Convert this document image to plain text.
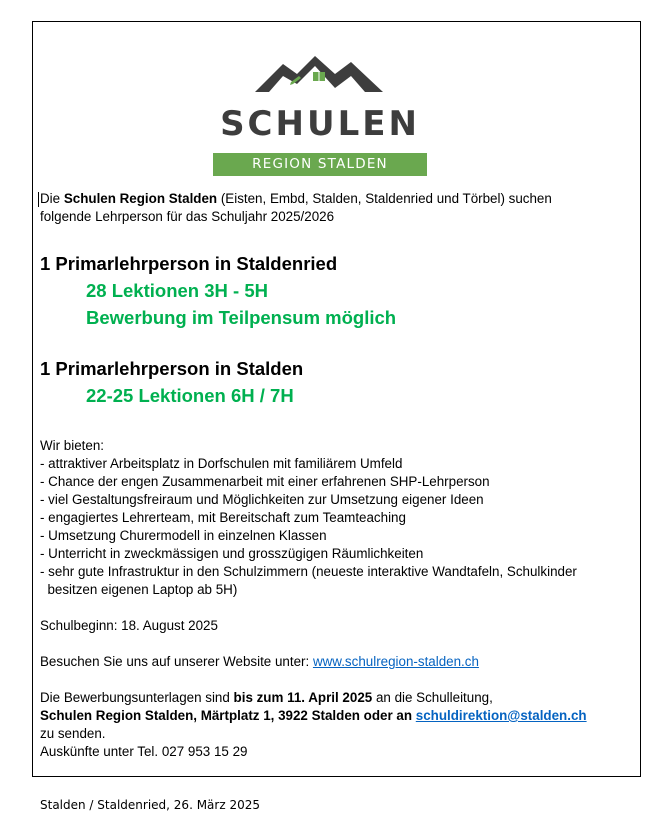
SCHULEN
REGION STALDEN

Die Schulen Region Stalden (Eisten, Embd, Stalden, Staldenried und Törbel) suchen
folgende Lehrperson für das Schuljahr 2025/2026

1 Primarlehrperson in Staldenried
28 Lektionen 3H - 5H
Bewerbung im Teilpensum möglich
1 Primarlehrperson in Stalden
22-25 Lektionen 6H / 7H
Wir bieten:
- attraktiver Arbeitsplatz in Dorfschulen mit familiärem Umfeld
- Chance der engen Zusammenarbeit mit einer erfahrenen SHP-Lehrperson
- viel Gestaltungsfreiraum und Möglichkeiten zur Umsetzung eigener Ideen
- engagiertes Lehrerteam, mit Bereitschaft zum Teamteaching
- Umsetzung Churermodell in einzelnen Klassen
- Unterricht in zweckmässigen und grosszügigen Räumlichkeiten
- sehr gute Infrastruktur in den Schulzimmern (neueste interaktive Wandtafeln, Schulkinder
besitzen eigenen Laptop ab 5H)
Schulbeginn: 18. August 2025
Besuchen Sie uns auf unserer Website unter: www.schulregion-stalden.ch
Die Bewerbungsunterlagen sind bis zum 11. April 2025 an die Schulleitung,
Schulen Region Stalden, Märtplatz 1, 3922 Stalden oder an schuldirektion@stalden.ch
zu senden.
Auskünfte unter Tel. 027 953 15 29
Stalden / Staldenried, 26. März 2025
